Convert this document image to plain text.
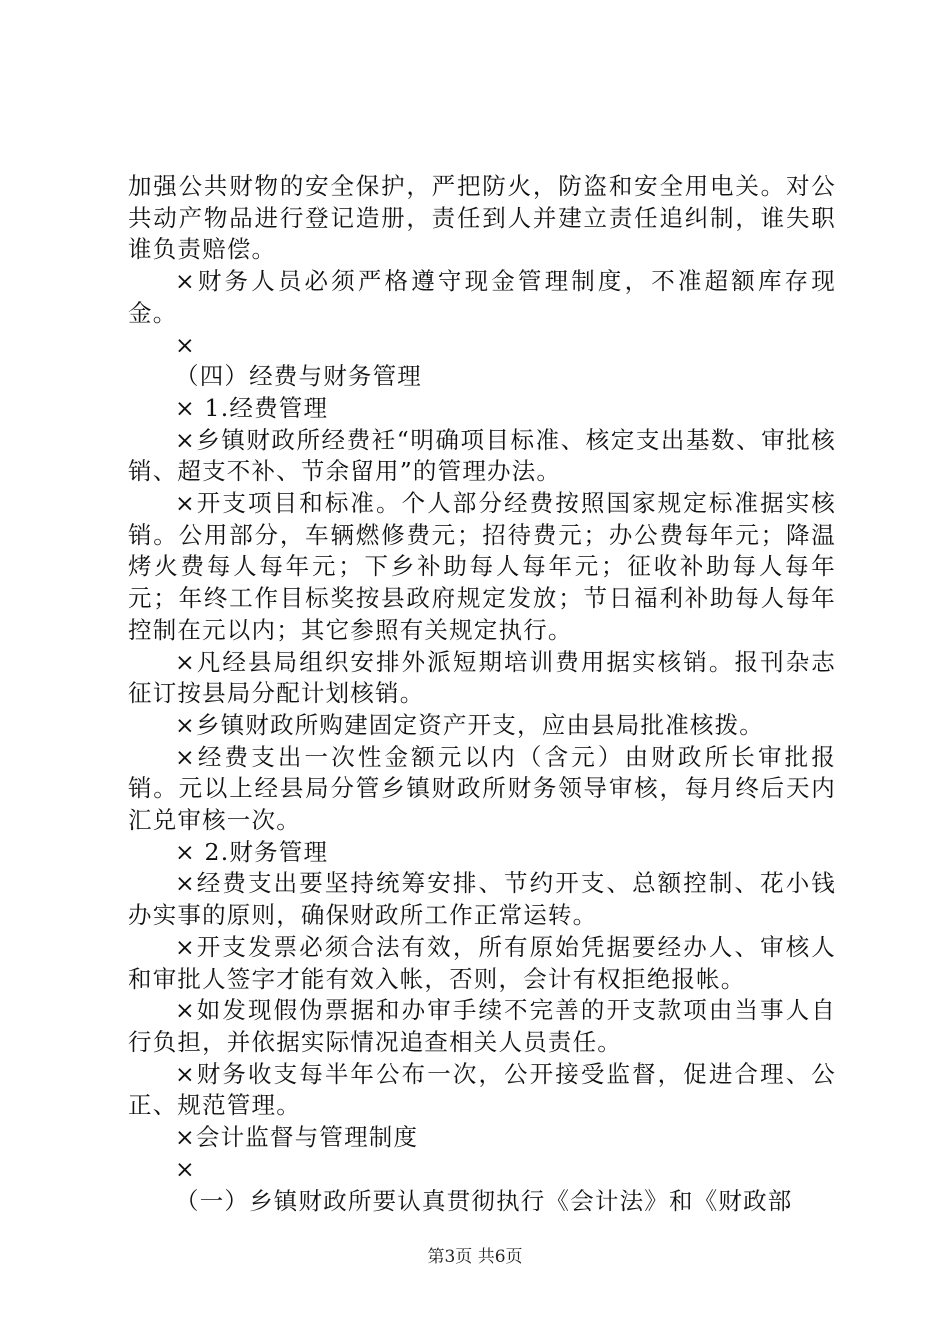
加强公共财物的安全保护，严把防火，防盗和安全用电关。对公共动产物品进行登记造册，责任到人并建立责任追纠制，谁失职谁负责赔偿。

×财务人员必须严格遵守现金管理制度，不准超额库存现金。

×

（四）经费与财务管理

× 1.经费管理

×乡镇财政所经费衽“明确项目标准、核定支出基数、审批核销、超支不补、节余留用”的管理办法。

×开支项目和标准。个人部分经费按照国家规定标准据实核销。公用部分，车辆燃修费元；招待费元；办公费每年元；降温烤火费每人每年元；下乡补助每人每年元；征收补助每人每年元；年终工作目标奖按县政府规定发放；节日福利补助每人每年控制在元以内；其它参照有关规定执行。

×凡经县局组织安排外派短期培训费用据实核销。报刊杂志征订按县局分配计划核销。

×乡镇财政所购建固定资产开支，应由县局批准核拨。

×经费支出一次性金额元以内（含元）由财政所长审批报销。元以上经县局分管乡镇财政所财务领导审核，每月终后天内汇兑审核一次。

× 2.财务管理

×经费支出要坚持统筹安排、节约开支、总额控制、花小钱办实事的原则，确保财政所工作正常运转。

×开支发票必须合法有效，所有原始凭据要经办人、审核人和审批人签字才能有效入帐，否则，会计有权拒绝报帐。

×如发现假伪票据和办审手续不完善的开支款项由当事人自行负担，并依据实际情况追查相关人员责任。

×财务收支每半年公布一次，公开接受监督，促进合理、公正、规范管理。

×会计监督与管理制度

×

（一）乡镇财政所要认真贯彻执行《会计法》和《财政部

第3页 共6页
